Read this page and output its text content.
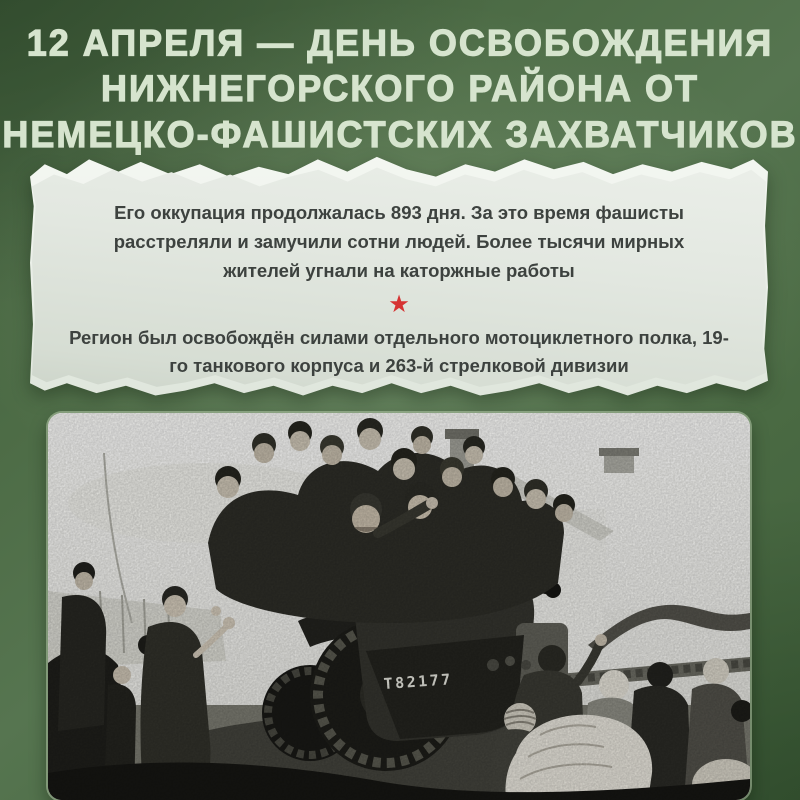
12 АПРЕЛЯ — ДЕНЬ ОСВОБОЖДЕНИЯ
НИЖНЕГОРСКОГО РАЙОНА ОТ
НЕМЕЦКО-ФАШИСТСКИХ ЗАХВАТЧИКОВ

Его оккупация продолжалась 893 дня. За это время фашисты расстреляли и замучили сотни людей. Более тысячи мирных жителей угнали на каторжные работы

★

Регион был освобождён силами отдельного мотоциклетного полка, 19-го танкового корпуса и 263-й стрелковой дивизии

T82177
